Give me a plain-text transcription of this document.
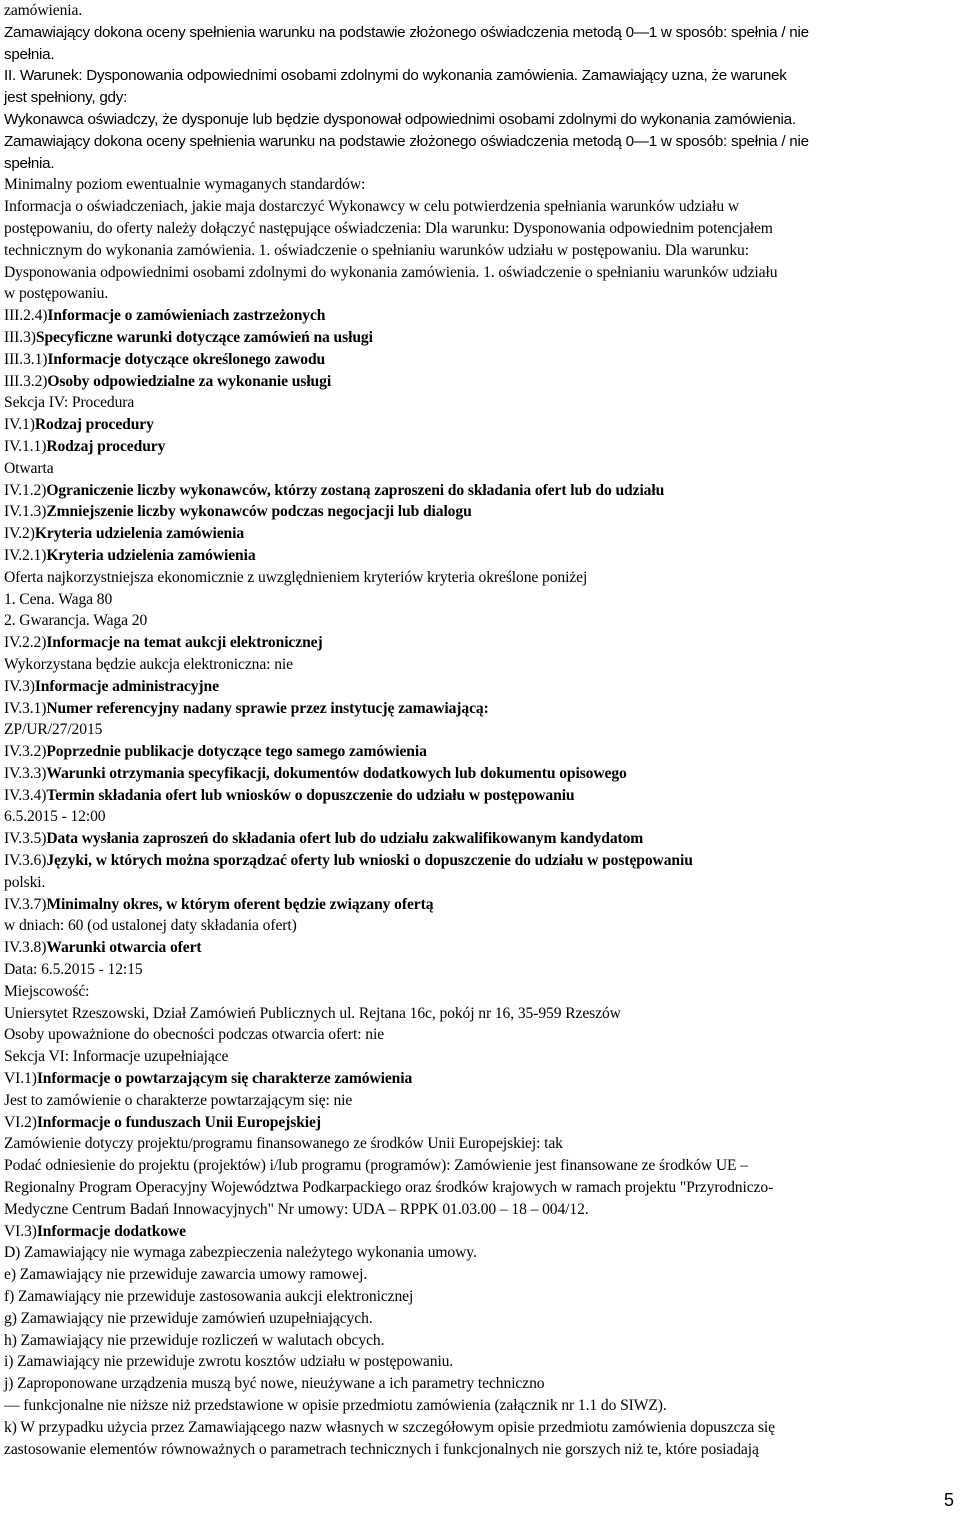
zamówienia.
Zamawiający dokona oceny spełnienia warunku na podstawie złożonego oświadczenia metodą 0—1 w sposób: spełnia / nie
spełnia.
II. Warunek: Dysponowania odpowiednimi osobami zdolnymi do wykonania zamówienia. Zamawiający uzna, że warunek
jest spełniony, gdy:
Wykonawca oświadczy, że dysponuje lub będzie dysponował odpowiednimi osobami zdolnymi do wykonania zamówienia.
Zamawiający dokona oceny spełnienia warunku na podstawie złożonego oświadczenia metodą 0—1 w sposób: spełnia / nie
spełnia.
Minimalny poziom ewentualnie wymaganych standardów:
Informacja o oświadczeniach, jakie maja dostarczyć Wykonawcy w celu potwierdzenia spełniania warunków udziału w
postępowaniu, do oferty należy dołączyć następujące oświadczenia: Dla warunku: Dysponowania odpowiednim potencjałem
technicznym do wykonania zamówienia. 1. oświadczenie o spełnianiu warunków udziału w postępowaniu. Dla warunku:
Dysponowania odpowiednimi osobami zdolnymi do wykonania zamówienia. 1. oświadczenie o spełnianiu warunków udziału
w postępowaniu.
III.2.4)Informacje o zamówieniach zastrzeżonych
III.3)Specyficzne warunki dotyczące zamówień na usługi
III.3.1)Informacje dotyczące określonego zawodu
III.3.2)Osoby odpowiedzialne za wykonanie usługi
Sekcja IV: Procedura
IV.1)Rodzaj procedury
IV.1.1)Rodzaj procedury
Otwarta
IV.1.2)Ograniczenie liczby wykonawców, którzy zostaną zaproszeni do składania ofert lub do udziału
IV.1.3)Zmniejszenie liczby wykonawców podczas negocjacji lub dialogu
IV.2)Kryteria udzielenia zamówienia
IV.2.1)Kryteria udzielenia zamówienia
Oferta najkorzystniejsza ekonomicznie z uwzględnieniem kryteriów kryteria określone poniżej
1. Cena. Waga 80
2. Gwarancja. Waga 20
IV.2.2)Informacje na temat aukcji elektronicznej
Wykorzystana będzie aukcja elektroniczna: nie
IV.3)Informacje administracyjne
IV.3.1)Numer referencyjny nadany sprawie przez instytucję zamawiającą:
ZP/UR/27/2015
IV.3.2)Poprzednie publikacje dotyczące tego samego zamówienia
IV.3.3)Warunki otrzymania specyfikacji, dokumentów dodatkowych lub dokumentu opisowego
IV.3.4)Termin składania ofert lub wniosków o dopuszczenie do udziału w postępowaniu
6.5.2015 - 12:00
IV.3.5)Data wysłania zaproszeń do składania ofert lub do udziału zakwalifikowanym kandydatom
IV.3.6)Języki, w których można sporządzać oferty lub wnioski o dopuszczenie do udziału w postępowaniu
polski.
IV.3.7)Minimalny okres, w którym oferent będzie związany ofertą
w dniach: 60 (od ustalonej daty składania ofert)
IV.3.8)Warunki otwarcia ofert
Data: 6.5.2015 - 12:15
Miejscowość:
Uniersytet Rzeszowski, Dział Zamówień Publicznych ul. Rejtana 16c, pokój nr 16, 35-959 Rzeszów
Osoby upoważnione do obecności podczas otwarcia ofert: nie
Sekcja VI: Informacje uzupełniające
VI.1)Informacje o powtarzającym się charakterze zamówienia
Jest to zamówienie o charakterze powtarzającym się: nie
VI.2)Informacje o funduszach Unii Europejskiej
Zamówienie dotyczy projektu/programu finansowanego ze środków Unii Europejskiej: tak
Podać odniesienie do projektu (projektów) i/lub programu (programów): Zamówienie jest finansowane ze środków UE –
Regionalny Program Operacyjny Województwa Podkarpackiego oraz środków krajowych w ramach projektu "Przyrodniczo-
Medyczne Centrum Badań Innowacyjnych" Nr umowy: UDA – RPPK 01.03.00 – 18 – 004/12.
VI.3)Informacje dodatkowe
D) Zamawiający nie wymaga zabezpieczenia należytego wykonania umowy.
e) Zamawiający nie przewiduje zawarcia umowy ramowej.
f) Zamawiający nie przewiduje zastosowania aukcji elektronicznej
g) Zamawiający nie przewiduje zamówień uzupełniających.
h) Zamawiający nie przewiduje rozliczeń w walutach obcych.
i) Zamawiający nie przewiduje zwrotu kosztów udziału w postępowaniu.
j) Zaproponowane urządzenia muszą być nowe, nieużywane a ich parametry techniczno
— funkcjonalne nie niższe niż przedstawione w opisie przedmiotu zamówienia (załącznik nr 1.1 do SIWZ).
k) W przypadku użycia przez Zamawiającego nazw własnych w szczegółowym opisie przedmiotu zamówienia dopuszcza się
zastosowanie elementów równoważnych o parametrach technicznych i funkcjonalnych nie gorszych niż te, które posiadają
5
